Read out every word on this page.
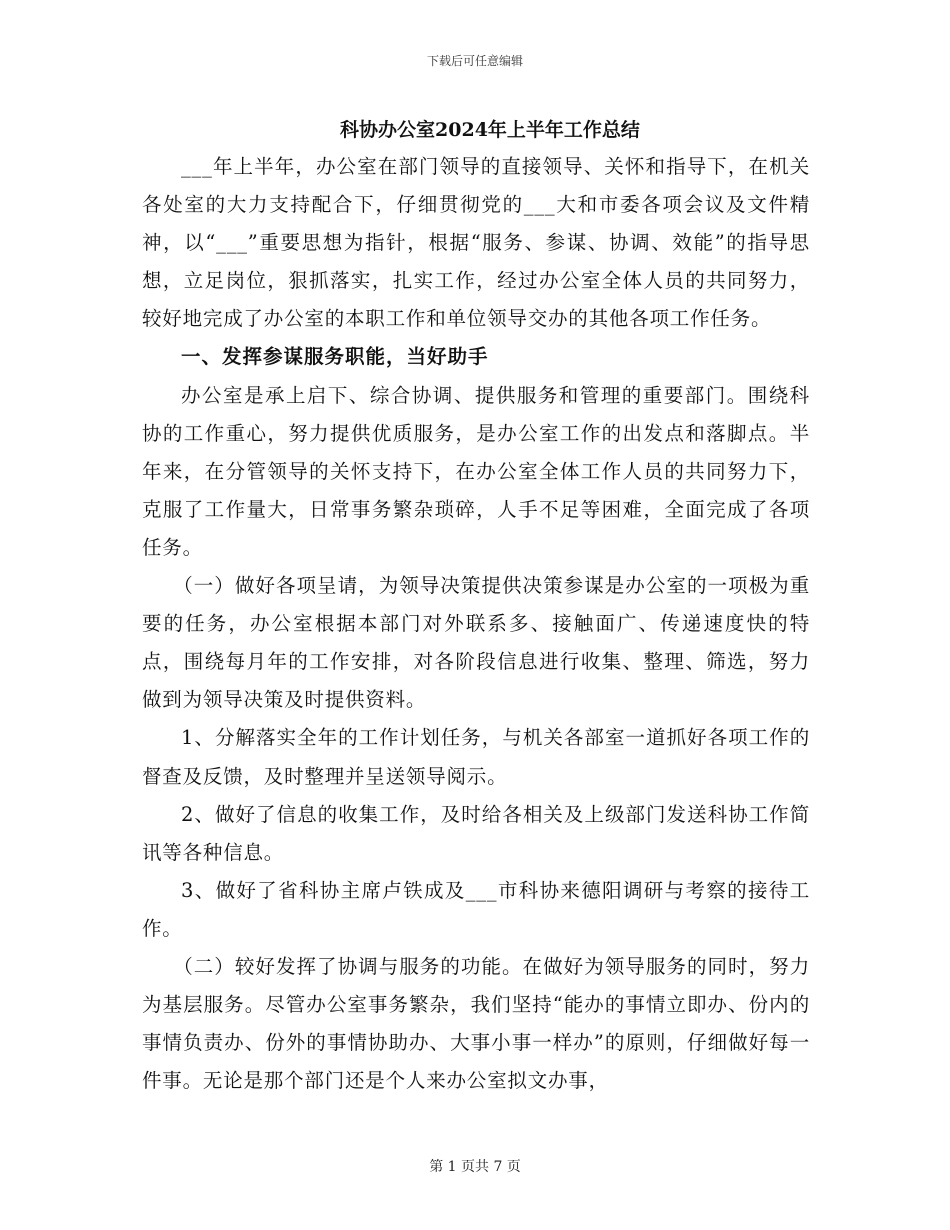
下载后可任意编辑

科协办公室2024年上半年工作总结

___年上半年，办公室在部门领导的直接领导、关怀和指导下，在机关各处室的大力支持配合下，仔细贯彻党的___大和市委各项会议及文件精神，以“___”重要思想为指针，根据“服务、参谋、协调、效能”的指导思想，立足岗位，狠抓落实，扎实工作，经过办公室全体人员的共同努力，较好地完成了办公室的本职工作和单位领导交办的其他各项工作任务。

一、发挥参谋服务职能，当好助手

办公室是承上启下、综合协调、提供服务和管理的重要部门。围绕科协的工作重心，努力提供优质服务，是办公室工作的出发点和落脚点。半年来，在分管领导的关怀支持下，在办公室全体工作人员的共同努力下，克服了工作量大，日常事务繁杂琐碎，人手不足等困难，全面完成了各项任务。

（一）做好各项呈请，为领导决策提供决策参谋是办公室的一项极为重要的任务，办公室根据本部门对外联系多、接触面广、传递速度快的特点，围绕每月年的工作安排，对各阶段信息进行收集、整理、筛选，努力做到为领导决策及时提供资料。

1、分解落实全年的工作计划任务，与机关各部室一道抓好各项工作的督查及反馈，及时整理并呈送领导阅示。

2、做好了信息的收集工作，及时给各相关及上级部门发送科协工作简讯等各种信息。

3、做好了省科协主席卢铁成及___市科协来德阳调研与考察的接待工作。

（二）较好发挥了协调与服务的功能。在做好为领导服务的同时，努力为基层服务。尽管办公室事务繁杂，我们坚持“能办的事情立即办、份内的事情负责办、份外的事情协助办、大事小事一样办”的原则，仔细做好每一件事。无论是那个部门还是个人来办公室拟文办事，

第 1 页共 7 页
